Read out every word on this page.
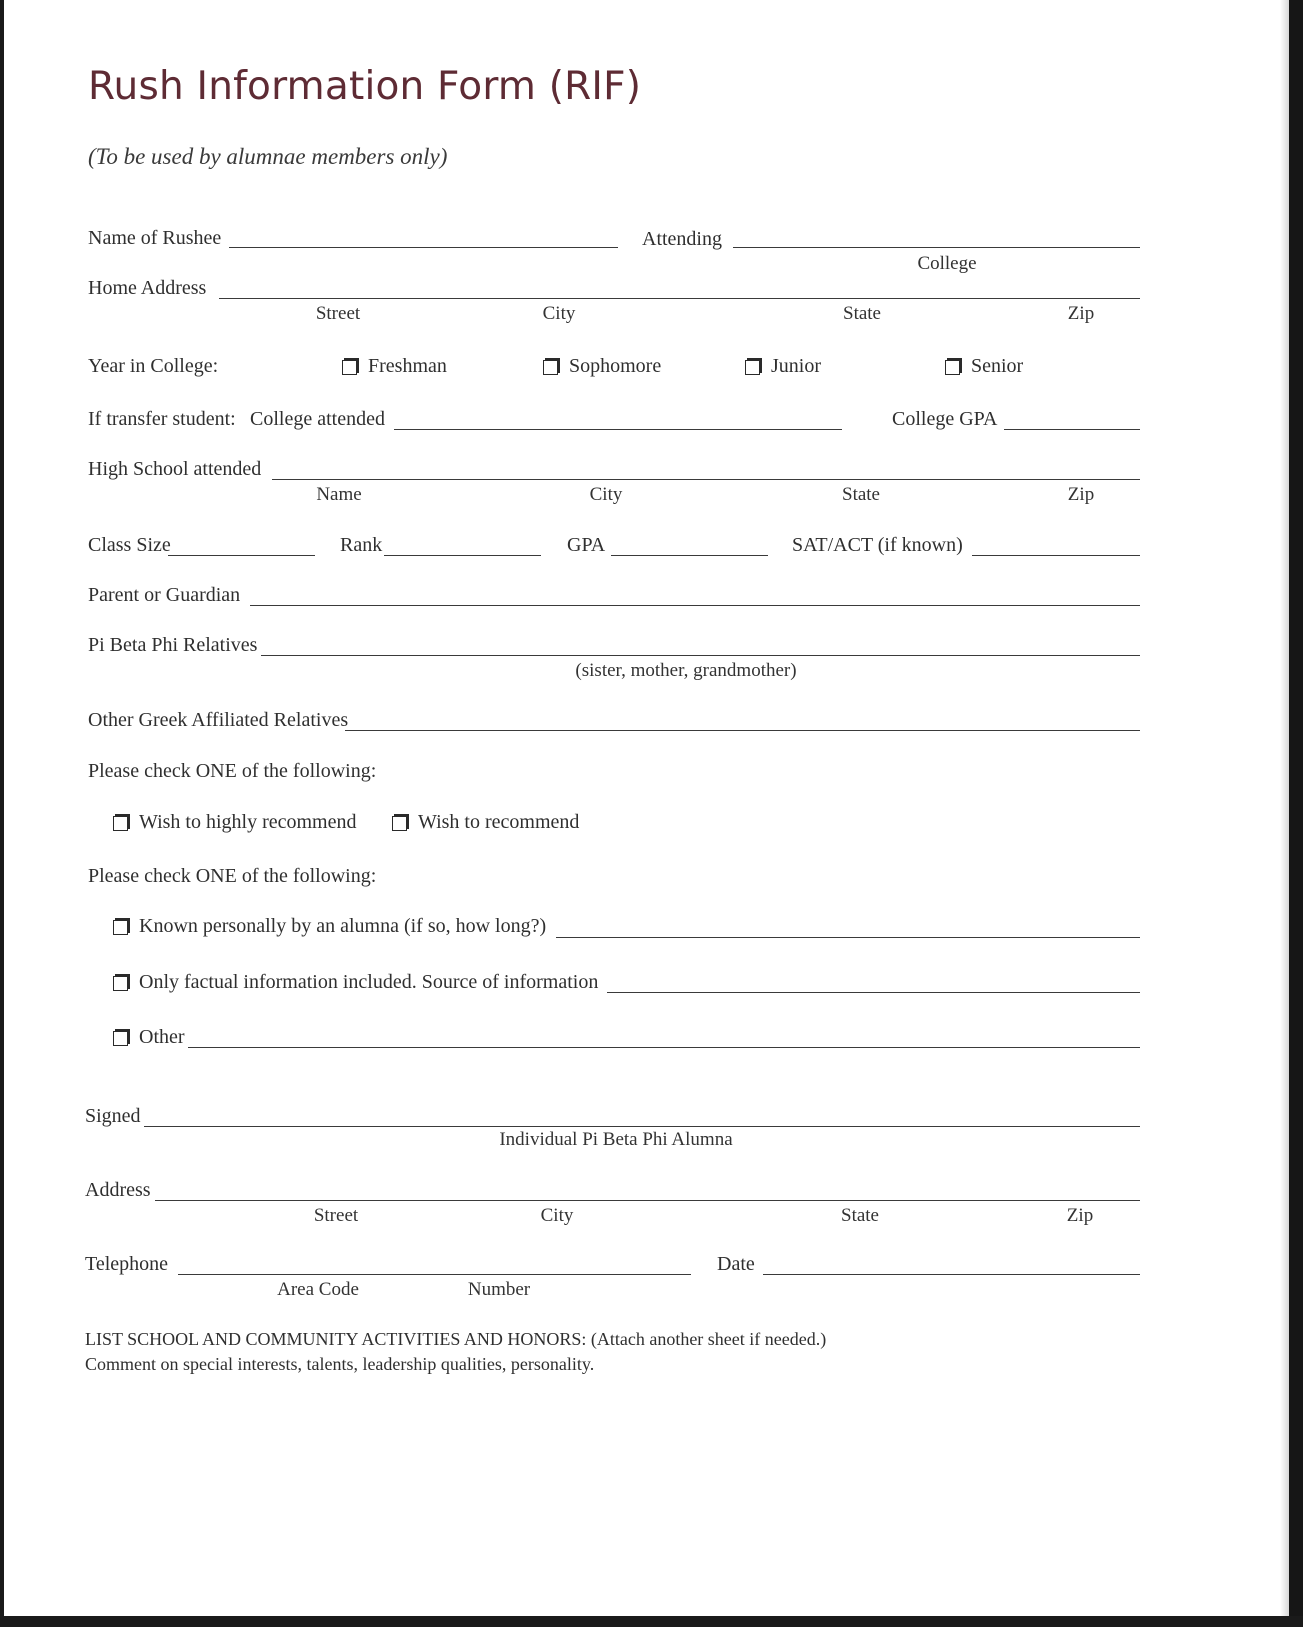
Rush Information Form (RIF)
(To be used by alumnae members only)
Name of Rushee	Attending
College
Home Address
Street	City	State	Zip
Year in College:	Freshman	Sophomore	Junior	Senior
If transfer student: College attended	College GPA
High School attended
Name	City	State	Zip
Class Size	Rank	GPA	SAT/ACT (if known)
Parent or Guardian
Pi Beta Phi Relatives
(sister, mother, grandmother)
Other Greek Affiliated Relatives
Please check ONE of the following:
Wish to highly recommend	Wish to recommend
Please check ONE of the following:
Known personally by an alumna (if so, how long?)
Only factual information included. Source of information
Other
Signed
Individual Pi Beta Phi Alumna
Address
Street	City	State	Zip
Telephone
Area Code	Number
Date
LIST SCHOOL AND COMMUNITY ACTIVITIES AND HONORS: (Attach another sheet if needed.)
Comment on special interests, talents, leadership qualities, personality.
